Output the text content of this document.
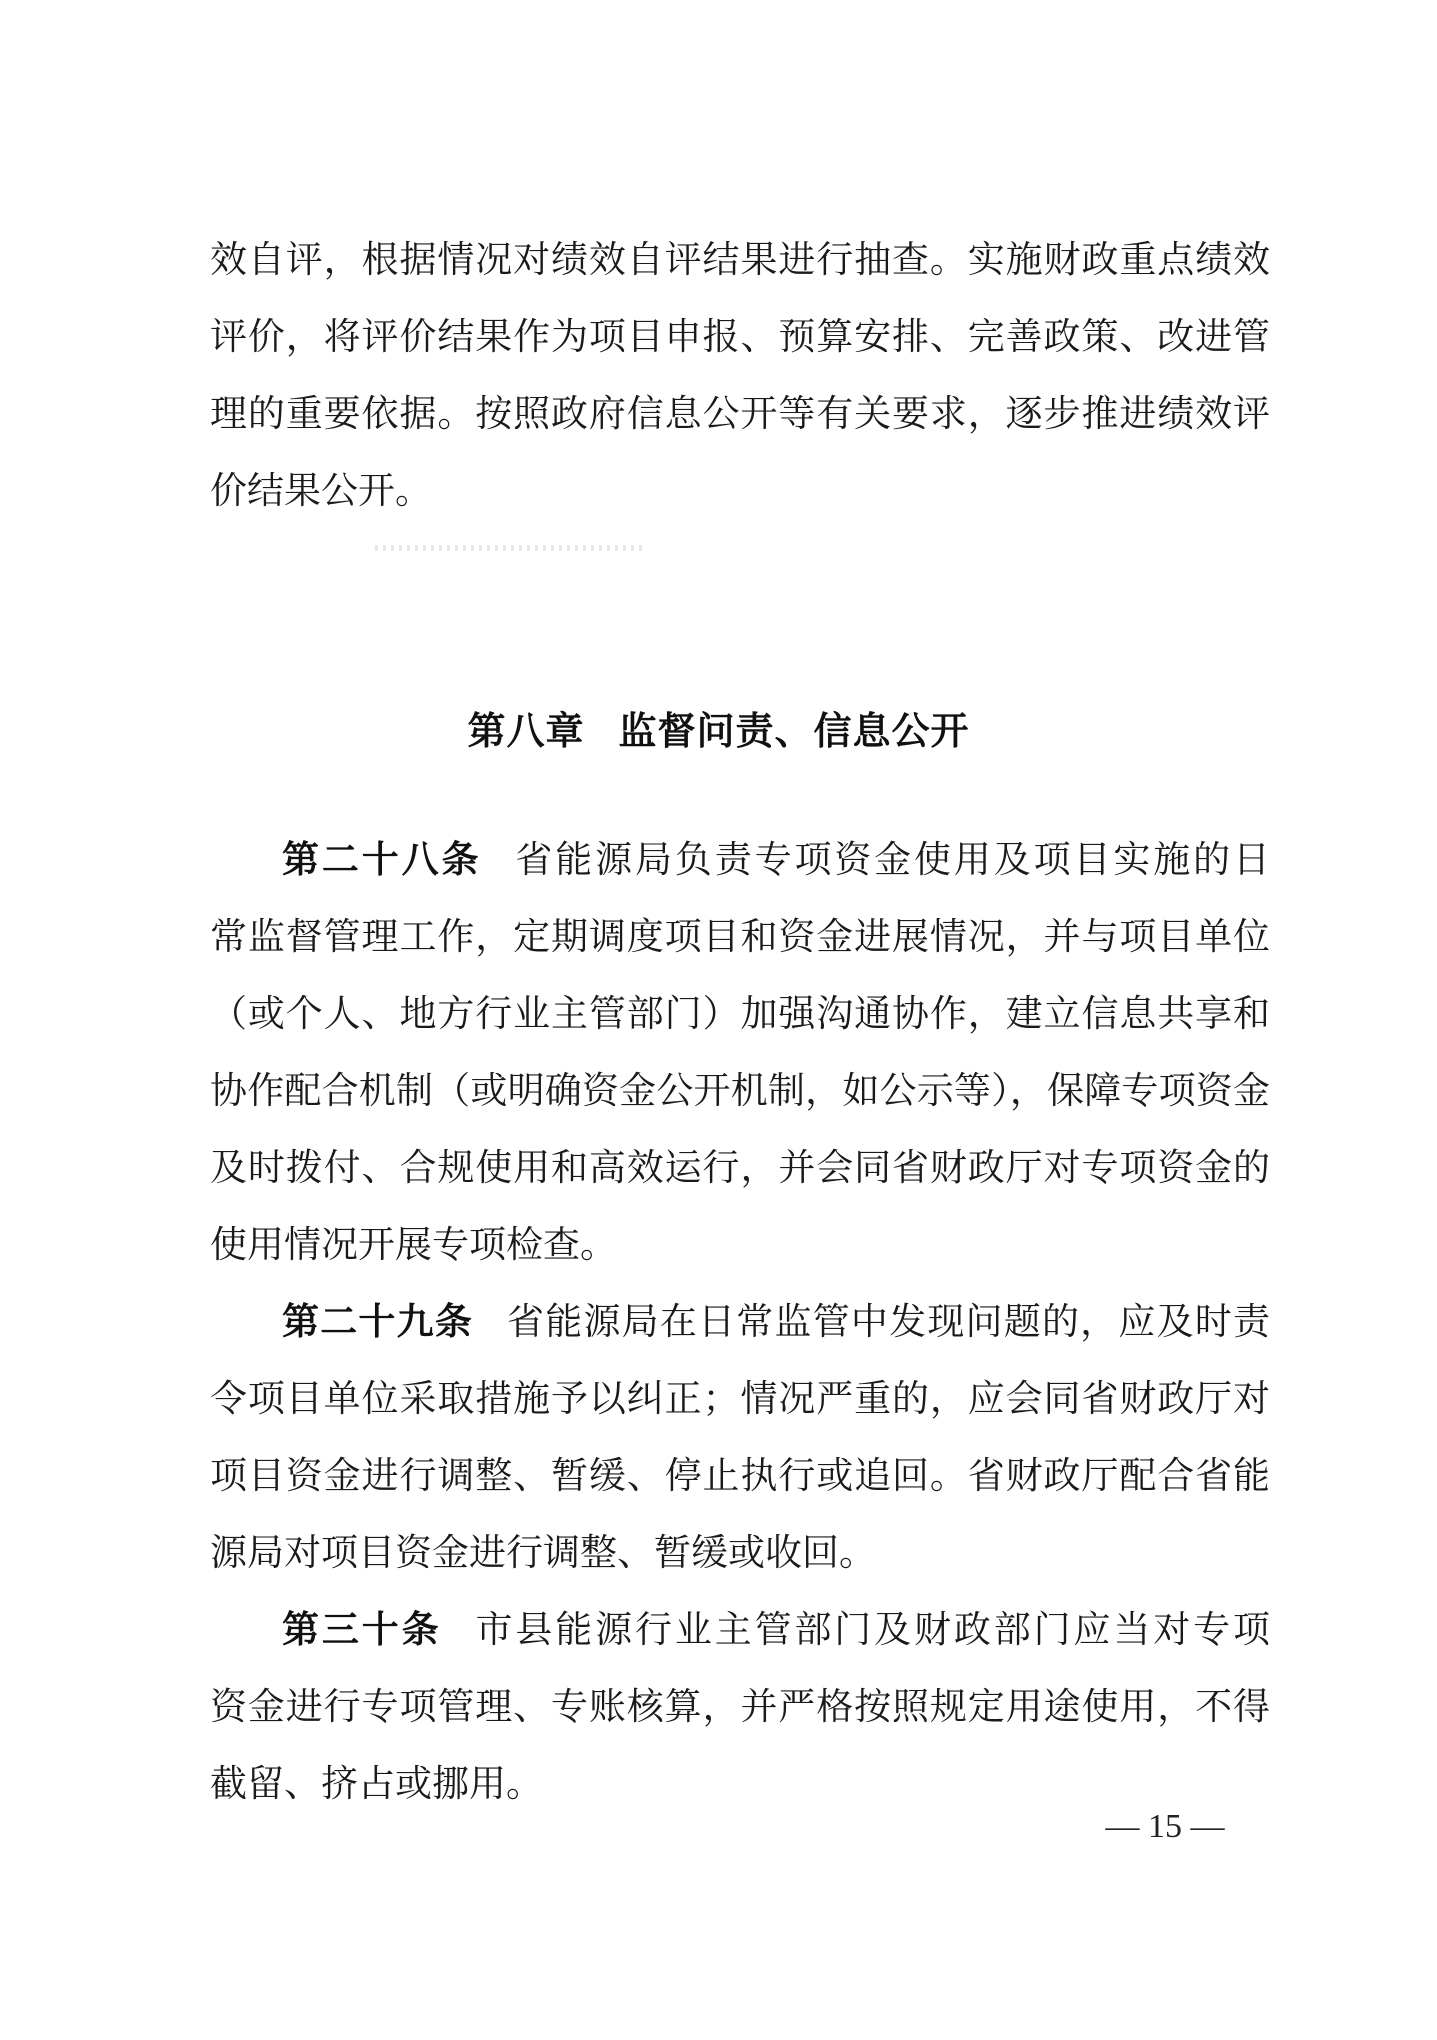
效自评，根据情况对绩效自评结果进行抽查。实施财政重点绩效
评价，将评价结果作为项目申报、预算安排、完善政策、改进管
理的重要依据。按照政府信息公开等有关要求，逐步推进绩效评
价结果公开。
第八章 监督问责、信息公开
第二十八条 省能源局负责专项资金使用及项目实施的日
常监督管理工作，定期调度项目和资金进展情况，并与项目单位
（或个人、地方行业主管部门）加强沟通协作，建立信息共享和
协作配合机制（或明确资金公开机制，如公示等），保障专项资金
及时拨付、合规使用和高效运行，并会同省财政厅对专项资金的
使用情况开展专项检查。
第二十九条 省能源局在日常监管中发现问题的，应及时责
令项目单位采取措施予以纠正；情况严重的，应会同省财政厅对
项目资金进行调整、暂缓、停止执行或追回。省财政厅配合省能
源局对项目资金进行调整、暂缓或收回。
第三十条 市县能源行业主管部门及财政部门应当对专项
资金进行专项管理、专账核算，并严格按照规定用途使用，不得
截留、挤占或挪用。
— 15 —
